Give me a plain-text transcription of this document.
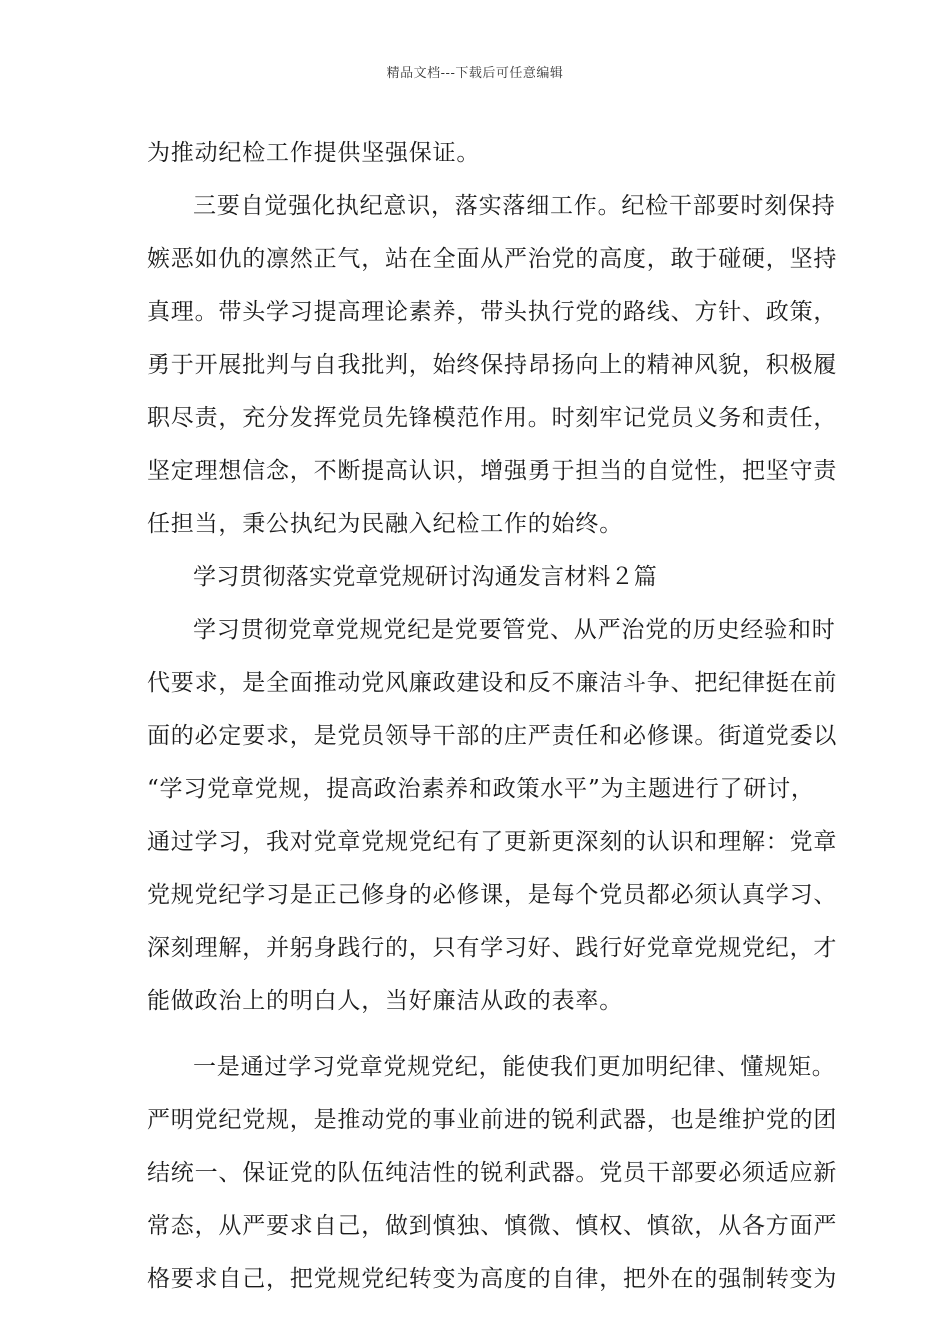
精品文档---下载后可任意编辑
为推动纪检工作提供坚强保证。
三要自觉强化执纪意识，落实落细工作。纪检干部要时刻保持
嫉恶如仇的凛然正气，站在全面从严治党的高度，敢于碰硬，坚持
真理。带头学习提高理论素养，带头执行党的路线、方针、政策，
勇于开展批判与自我批判，始终保持昂扬向上的精神风貌，积极履
职尽责，充分发挥党员先锋模范作用。时刻牢记党员义务和责任，
坚定理想信念，不断提高认识，增强勇于担当的自觉性，把坚守责
任担当，秉公执纪为民融入纪检工作的始终。
学习贯彻落实党章党规研讨沟通发言材料２篇
学习贯彻党章党规党纪是党要管党、从严治党的历史经验和时
代要求，是全面推动党风廉政建设和反不廉洁斗争、把纪律挺在前
面的必定要求，是党员领导干部的庄严责任和必修课。街道党委以
“学习党章党规，提高政治素养和政策水平”为主题进行了研讨，
通过学习，我对党章党规党纪有了更新更深刻的认识和理解：党章
党规党纪学习是正己修身的必修课，是每个党员都必须认真学习、
深刻理解，并躬身践行的，只有学习好、践行好党章党规党纪，才
能做政治上的明白人，当好廉洁从政的表率。
一是通过学习党章党规党纪，能使我们更加明纪律、懂规矩。
严明党纪党规，是推动党的事业前进的锐利武器，也是维护党的团
结统一、保证党的队伍纯洁性的锐利武器。党员干部要必须适应新
常态，从严要求自己，做到慎独、慎微、慎权、慎欲，从各方面严
格要求自己，把党规党纪转变为高度的自律，把外在的强制转变为
